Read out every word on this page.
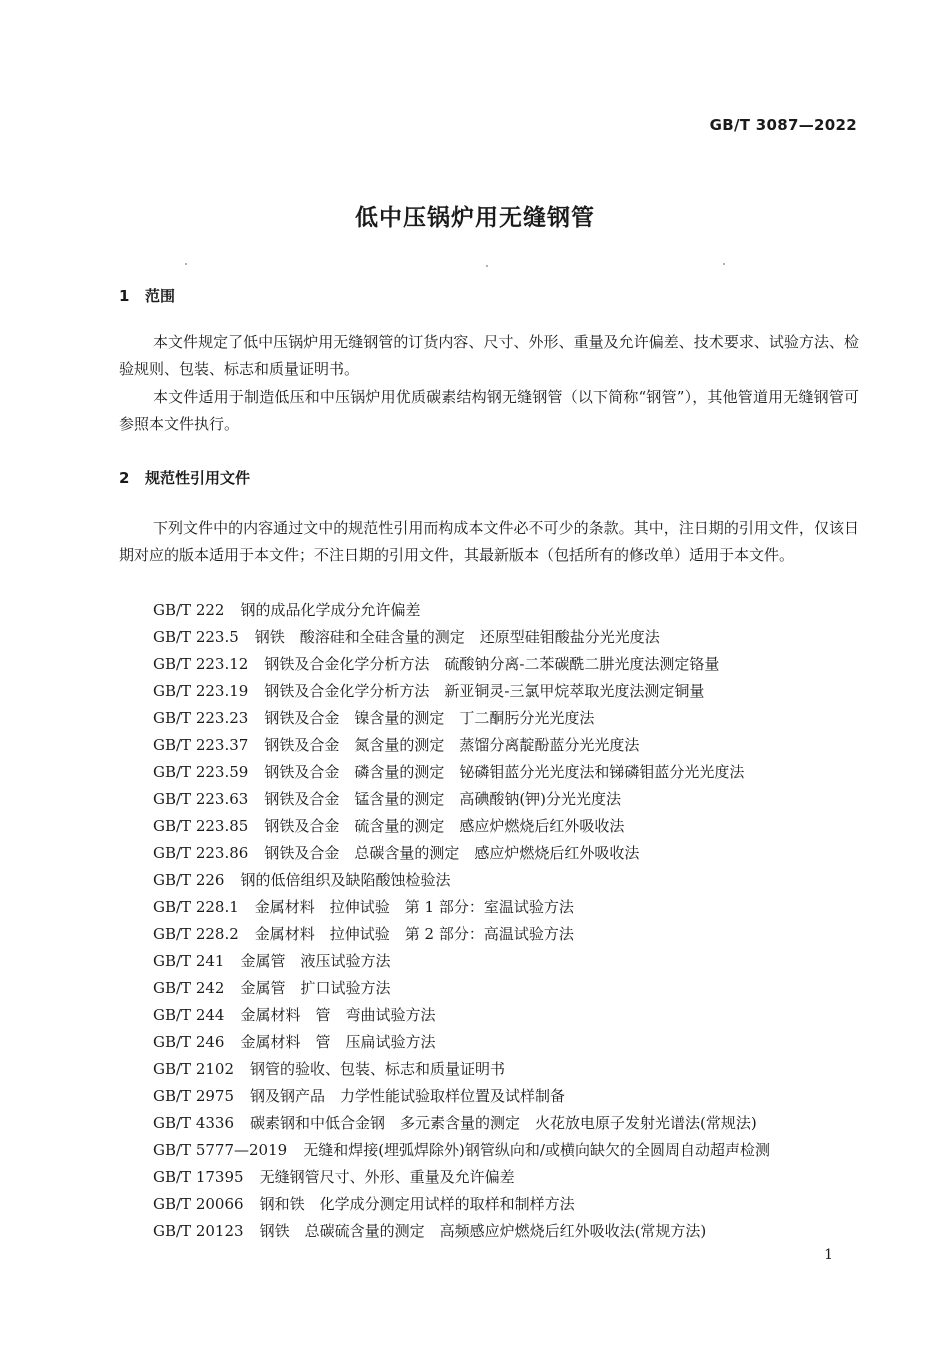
GB/T 3087—2022
低中压锅炉用无缝钢管
1 范围

本文件规定了低中压锅炉用无缝钢管的订货内容、尺寸、外形、重量及允许偏差、技术要求、试验方法、检验规则、包装、标志和质量证明书。

本文件适用于制造低压和中压锅炉用优质碳素结构钢无缝钢管（以下简称“钢管”），其他管道用无缝钢管可参照本文件执行。

2 规范性引用文件

下列文件中的内容通过文中的规范性引用而构成本文件必不可少的条款。其中，注日期的引用文件，仅该日期对应的版本适用于本文件；不注日期的引用文件，其最新版本（包括所有的修改单）适用于本文件。

GB/T 222 钢的成品化学成分允许偏差
GB/T 223.5 钢铁　酸溶硅和全硅含量的测定　还原型硅钼酸盐分光光度法
GB/T 223.12 钢铁及合金化学分析方法　硫酸钠分离-二苯碳酰二肼光度法测定铬量
GB/T 223.19 钢铁及合金化学分析方法　新亚铜灵-三氯甲烷萃取光度法测定铜量
GB/T 223.23 钢铁及合金　镍含量的测定　丁二酮肟分光光度法
GB/T 223.37 钢铁及合金　氮含量的测定　蒸馏分离靛酚蓝分光光度法
GB/T 223.59 钢铁及合金　磷含量的测定　铋磷钼蓝分光光度法和锑磷钼蓝分光光度法
GB/T 223.63 钢铁及合金　锰含量的测定　高碘酸钠(钾)分光光度法
GB/T 223.85 钢铁及合金　硫含量的测定　感应炉燃烧后红外吸收法
GB/T 223.86 钢铁及合金　总碳含量的测定　感应炉燃烧后红外吸收法
GB/T 226 钢的低倍组织及缺陷酸蚀检验法
GB/T 228.1 金属材料　拉伸试验　第 1 部分：室温试验方法
GB/T 228.2 金属材料　拉伸试验　第 2 部分：高温试验方法
GB/T 241 金属管　液压试验方法
GB/T 242 金属管　扩口试验方法
GB/T 244 金属材料　管　弯曲试验方法
GB/T 246 金属材料　管　压扁试验方法
GB/T 2102 钢管的验收、包装、标志和质量证明书
GB/T 2975 钢及钢产品　力学性能试验取样位置及试样制备
GB/T 4336 碳素钢和中低合金钢　多元素含量的测定　火花放电原子发射光谱法(常规法)
GB/T 5777—2019 无缝和焊接(埋弧焊除外)钢管纵向和/或横向缺欠的全圆周自动超声检测
GB/T 17395 无缝钢管尺寸、外形、重量及允许偏差
GB/T 20066 钢和铁　化学成分测定用试样的取样和制样方法
GB/T 20123 钢铁　总碳硫含量的测定　高频感应炉燃烧后红外吸收法(常规方法)
1
